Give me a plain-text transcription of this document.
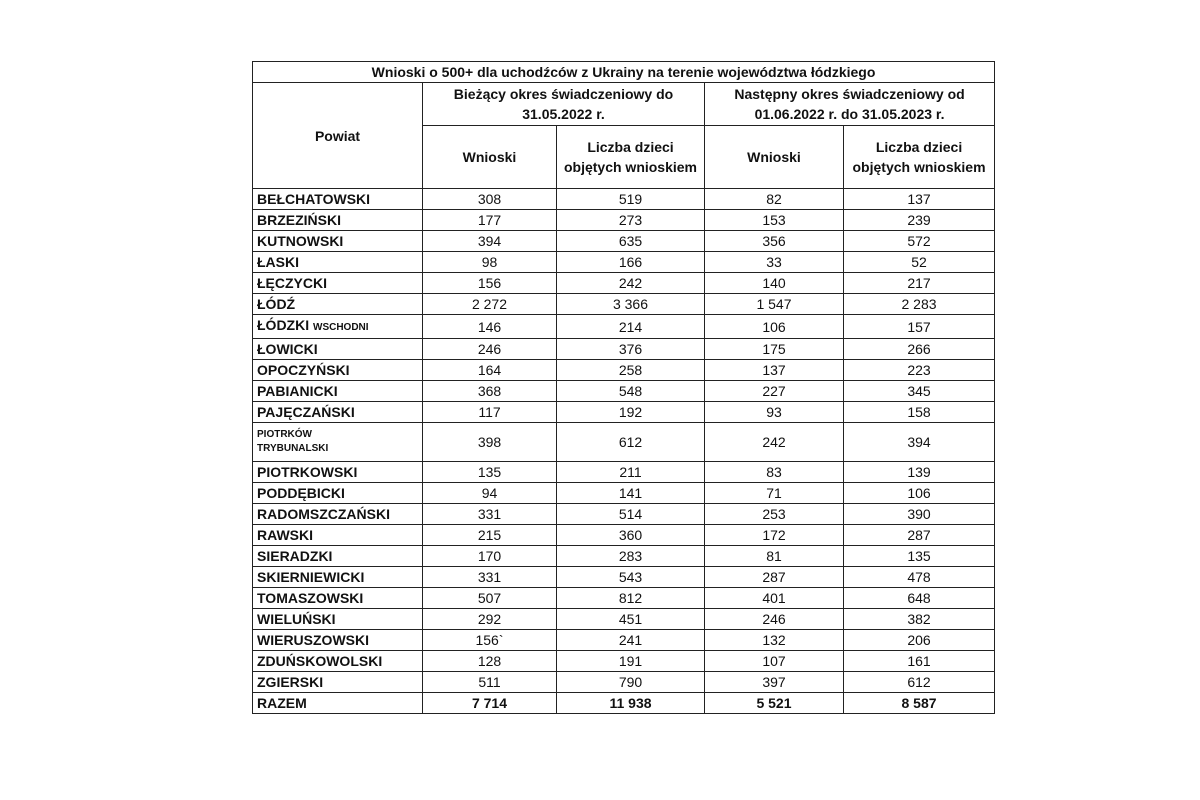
Wnioski o 500+ dla uchodźców z Ukrainy na terenie województwa łódzkiego				
Powiat	Bieżący okres świadczeniowy do 31.05.2022 r.		Następny okres świadczeniowy od 01.06.2022 r. do 31.05.2023 r.	
	Wnioski	Liczba dzieci objętych wnioskiem	Wnioski	Liczba dzieci objętych wnioskiem
BEŁCHATOWSKI	308	519	82	137
BRZEZIŃSKI	177	273	153	239
KUTNOWSKI	394	635	356	572
ŁASKI	98	166	33	52
ŁĘCZYCKI	156	242	140	217
ŁÓDŹ	2 272	3 366	1 547	2 283
ŁÓDZKI WSCHODNI	146	214	106	157
ŁOWICKI	246	376	175	266
OPOCZYŃSKI	164	258	137	223
PABIANICKI	368	548	227	345
PAJĘCZAŃSKI	117	192	93	158

PIOTRKÓW TRYBUNALSKI	398	612	242	394
PIOTRKOWSKI	135	211	83	139
PODDĘBICKI	94	141	71	106
RADOMSZCZAŃSKI	331	514	253	390
RAWSKI	215	360	172	287
SIERADZKI	170	283	81	135
SKIERNIEWICKI	331	543	287	478
TOMASZOWSKI	507	812	401	648
WIELUŃSKI	292	451	246	382
WIERUSZOWSKI	156`	241	132	206
ZDUŃSKOWOLSKI	128	191	107	161
ZGIERSKI	511	790	397	612
RAZEM	7 714	11 938	5 521	8 587
